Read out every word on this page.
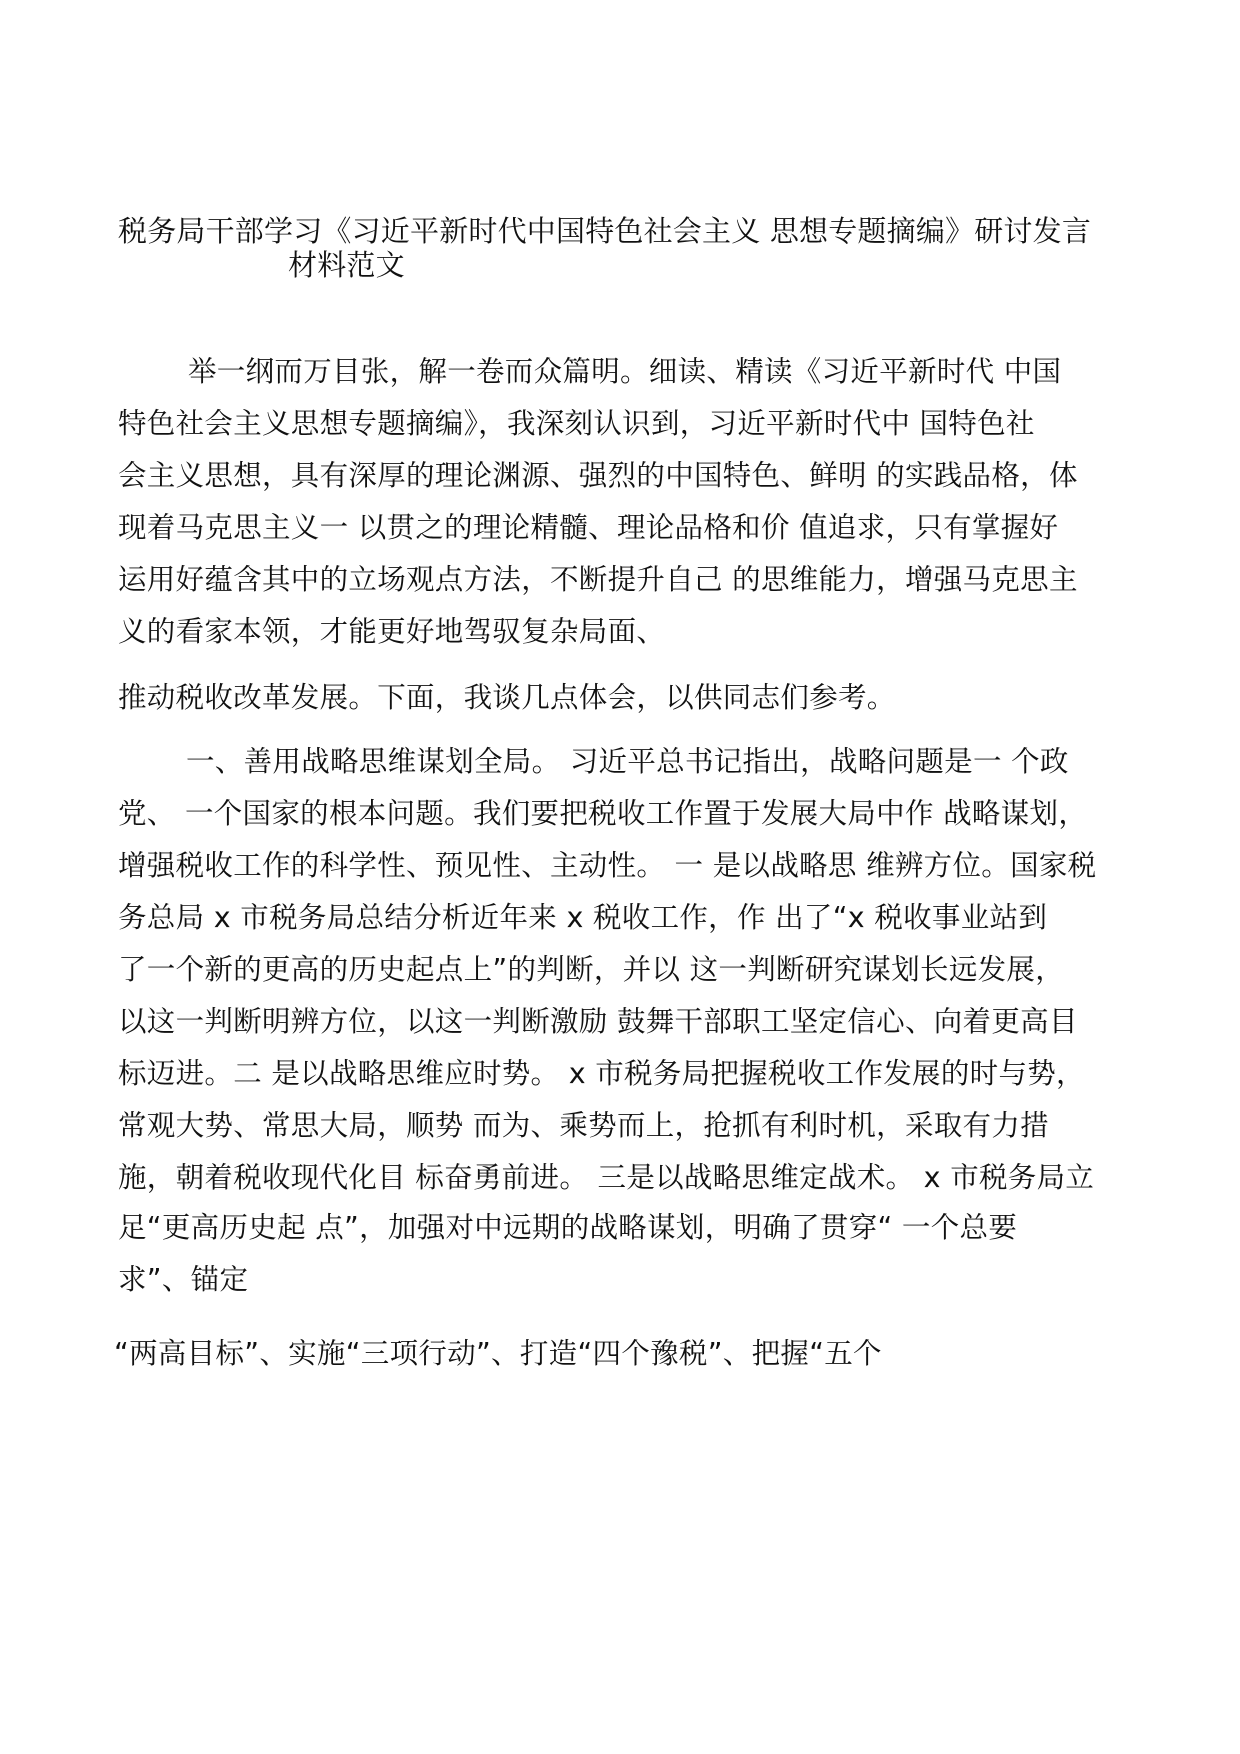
税务局干部学习《习近平新时代中国特色社会主义 思想专题摘编》研讨发言
材料范文

举一纲而万目张，解一卷而众篇明。细读、精读《习近平新时代 中国

特色社会主义思想专题摘编》，我深刻认识到，习近平新时代中 国特色社

会主义思想，具有深厚的理论渊源、强烈的中国特色、鲜明 的实践品格，体

现着马克思主义一 以贯之的理论精髓、理论品格和价 值追求，只有掌握好

运用好蕴含其中的立场观点方法，不断提升自己 的思维能力，增强马克思主

义的看家本领，才能更好地驾驭复杂局面、

推动税收改革发展。下面，我谈几点体会，以供同志们参考。

一、善用战略思维谋划全局。 习近平总书记指出，战略问题是一 个政

党、 一个国家的根本问题。我们要把税收工作置于发展大局中作 战略谋划，

增强税收工作的科学性、预见性、主动性。 一 是以战略思 维辨方位。国家税

务总局 x 市税务局总结分析近年来 x 税收工作，作 出了“x 税收事业站到

了一个新的更高的历史起点上”的判断，并以 这一判断研究谋划长远发展，

以这一判断明辨方位，以这一判断激励 鼓舞干部职工坚定信心、向着更高目

标迈进。二 是以战略思维应时势。 x 市税务局把握税收工作发展的时与势，

常观大势、常思大局，顺势 而为、乘势而上，抢抓有利时机，采取有力措

施，朝着税收现代化目 标奋勇前进。 三是以战略思维定战术。 x 市税务局立

足“更高历史起 点”，加强对中远期的战略谋划，明确了贯穿“ 一个总要

求”、锚定

“两高目标”、实施“三项行动”、打造“四个豫税”、把握“五个
